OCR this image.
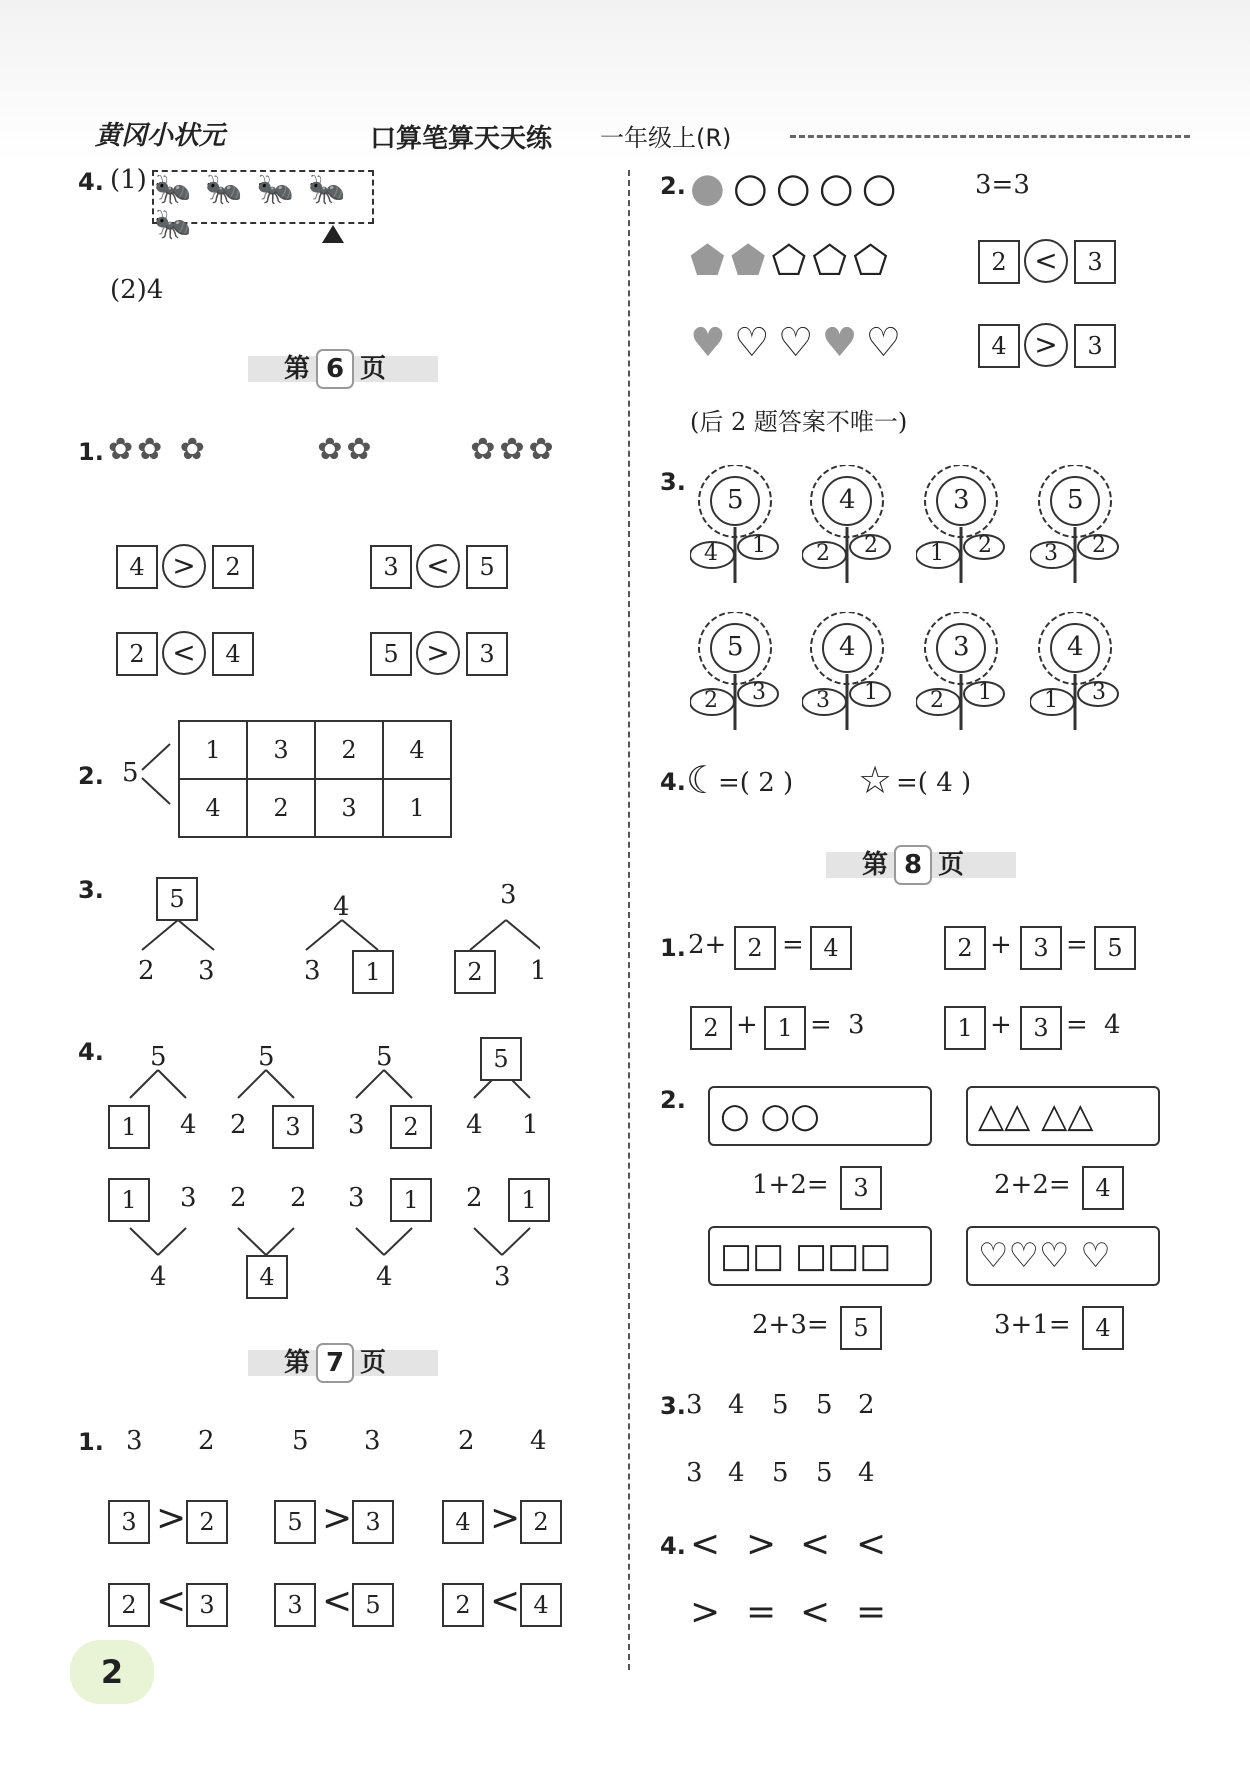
黄冈小状元	口算笔算天天练 一年级上(R)
4. (1) 🐜🐜🐜🐜🐜
(2)4
第 6 页
1. ✿✿ ✿        ✿✿       ✿✿✿
4 >	2	3 <	5
2 <	4	5 >	3
2. 5
1	3	2	4
4	2	3	1
3.	5
2 3
4
3	1
3
2	1
4. 5
1	4
5
2	3
5
3	2
5
4 1
1	3
4
2 2
4
3	1
4
2	1
3
第 7 页
1. 3 2	5 3	2 4
3 > 2	5 > 3	4 > 2
2 < 3	3 < 5	2 < 4
2
2. ●○○○○	3=3
⬟⬟⬠⬠⬠	2 <	3
♥♡♡♥♡	4 >	3
(后 2 题答案不唯一)
3.
5
4 1
4
2 2
3
1 2
5
3 2
5
2 3
4
3 1
3
2 1
4
1 3
4. ☾
=( 2 ) ☆ =( 4 )
第 8 页
1. 2+ 2 = 4	2 + 3 = 5
2 + 1 = 3	1 + 3 = 4
2.	○ ○○	△△ △△
1+2=	3	2+2=	4
□□ □□□	♡♡♡ ♡
2+3=	5	3+1=	4
3. 3 4 5 5 2
3 4 5 5 4
4. < > < <
> = < =
